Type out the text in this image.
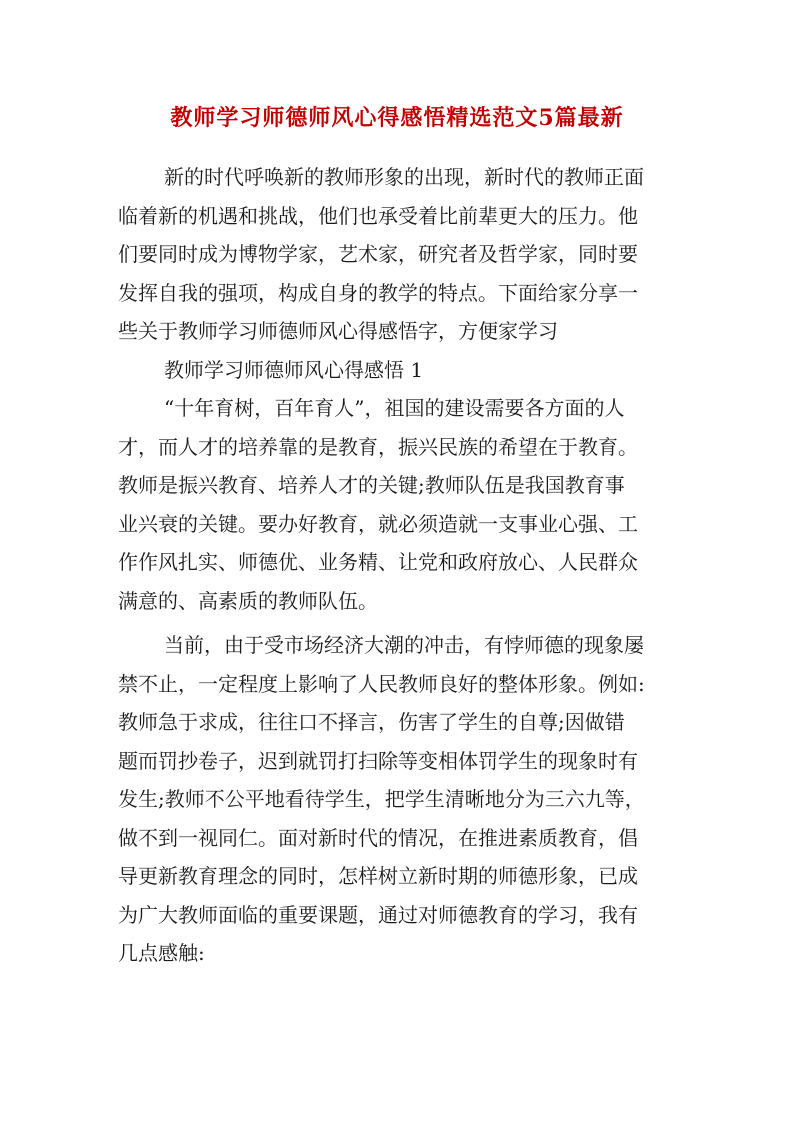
教师学习师德师风心得感悟精选范文5篇最新
新的时代呼唤新的教师形象的出现，新时代的教师正面
临着新的机遇和挑战，他们也承受着比前辈更大的压力。他
们要同时成为博物学家，艺术家，研究者及哲学家，同时要
发挥自我的强项，构成自身的教学的特点。下面给家分享一
些关于教师学习师德师风心得感悟字，方便家学习
教师学习师德师风心得感悟 1
“十年育树，百年育人”，祖国的建设需要各方面的人
才，而人才的培养靠的是教育，振兴民族的希望在于教育。
教师是振兴教育、培养人才的关键;教师队伍是我国教育事
业兴衰的关键。要办好教育，就必须造就一支事业心强、工
作作风扎实、师德优、业务精、让党和政府放心、人民群众
满意的、高素质的教师队伍。
当前，由于受市场经济大潮的冲击，有悖师德的现象屡
禁不止，一定程度上影响了人民教师良好的整体形象。例如:
教师急于求成，往往口不择言，伤害了学生的自尊;因做错
题而罚抄卷子，迟到就罚打扫除等变相体罚学生的现象时有
发生;教师不公平地看待学生，把学生清晰地分为三六九等，
做不到一视同仁。面对新时代的情况，在推进素质教育，倡
导更新教育理念的同时，怎样树立新时期的师德形象，已成
为广大教师面临的重要课题，通过对师德教育的学习，我有
几点感触:
